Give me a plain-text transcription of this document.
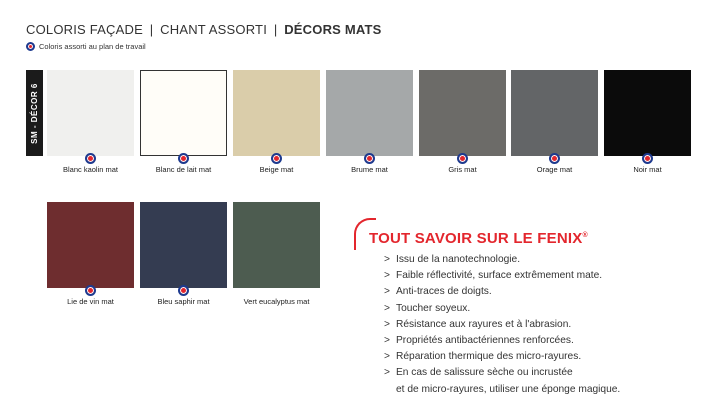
COLORIS FAÇADE | CHANT ASSORTI | DÉCORS MATS
Coloris assorti au plan de travail
SM - DÉCOR 6
Blanc kaolin mat	Blanc de lait mat	Beige mat	Brume mat	Gris mat	Orage mat	Noir mat
Lie de vin mat	Bleu saphir mat	Vert eucalyptus mat
TOUT SAVOIR SUR LE FENIX®
> Issu de la nanotechnologie.
> Faible réflectivité, surface extrêmement mate.
> Anti-traces de doigts.
> Toucher soyeux.
> Résistance aux rayures et à l'abrasion.
> Propriétés antibactériennes renforcées.
> Réparation thermique des micro-rayures.
> En cas de salissure sèche ou incrustée
et de micro-rayures, utiliser une éponge magique.
